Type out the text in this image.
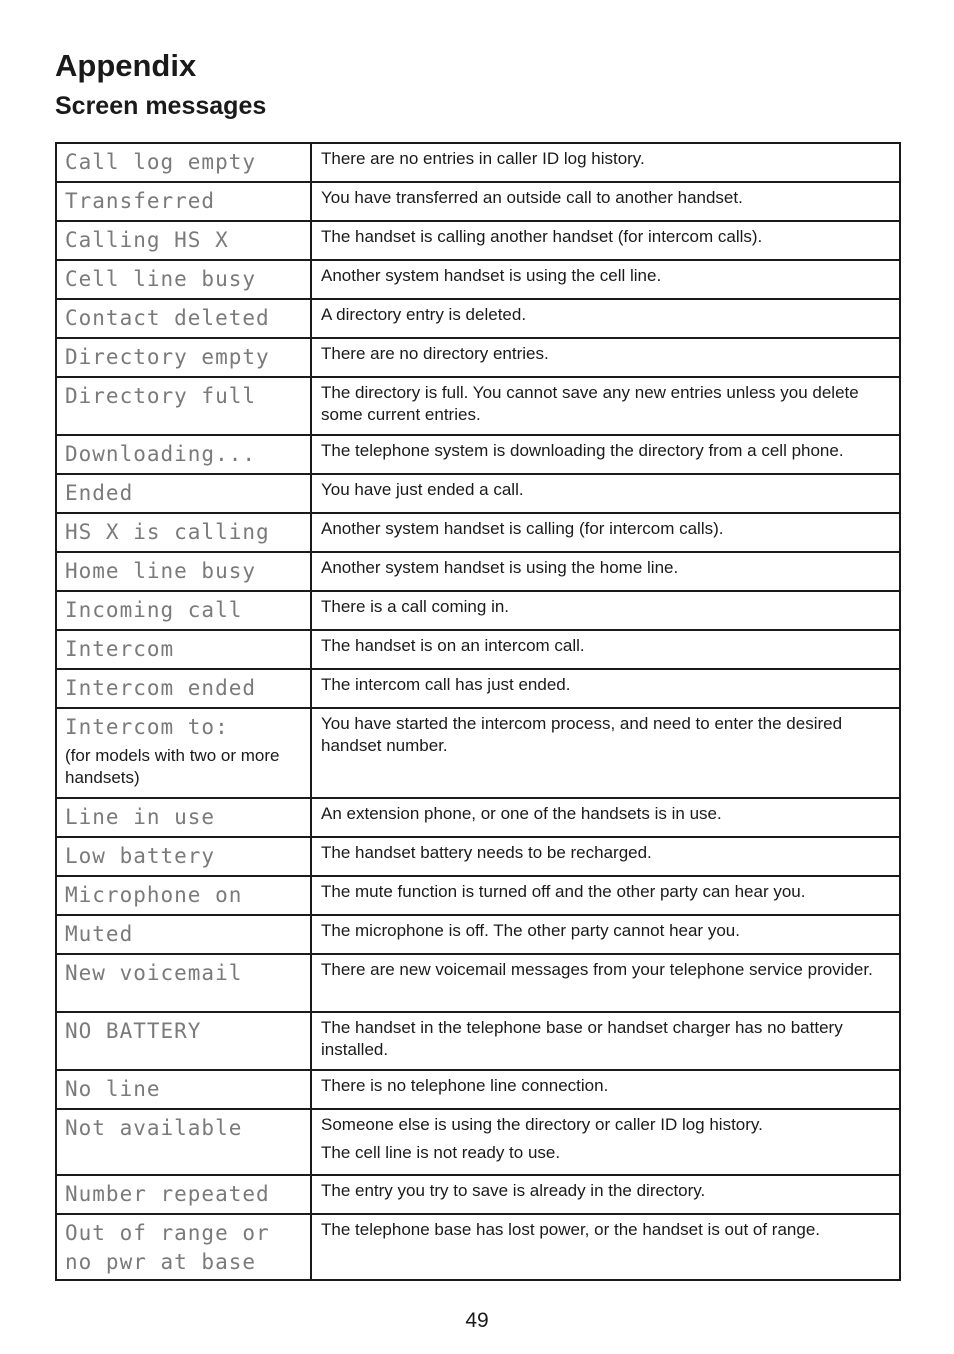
Appendix
Screen messages
Call log empty	There are no entries in caller ID log history.

Transferred	You have transferred an outside call to another handset.

Calling HS X	The handset is calling another handset (for intercom calls).

Cell line busy	Another system handset is using the cell line.

Contact deleted	A directory entry is deleted.

Directory empty	There are no directory entries.

Directory full	The directory is full. You cannot save any new entries unless you delete some current entries.

Downloading...	The telephone system is downloading the directory from a cell phone.

Ended	You have just ended a call.

HS X is calling	Another system handset is calling (for intercom calls).

Home line busy	Another system handset is using the home line.

Incoming call	There is a call coming in.

Intercom	The handset is on an intercom call.

Intercom ended	The intercom call has just ended.

Intercom to:
(for models with two or more handsets)	You have started the intercom process, and need to enter the desired handset number.

Line in use	An extension phone, or one of the handsets is in use.

Low battery	The handset battery needs to be recharged.

Microphone on	The mute function is turned off and the other party can hear you.

Muted	The microphone is off. The other party cannot hear you.

New voicemail	There are new voicemail messages from your telephone service provider.

NO BATTERY	The handset in the telephone base or handset charger has no battery installed.

No line	There is no telephone line connection.

Not available	Someone else is using the directory or caller ID log history.
The cell line is not ready to use.

Number repeated	The entry you try to save is already in the directory.

Out of range or
no pwr at base	The telephone base has lost power, or the handset is out of range.

49
